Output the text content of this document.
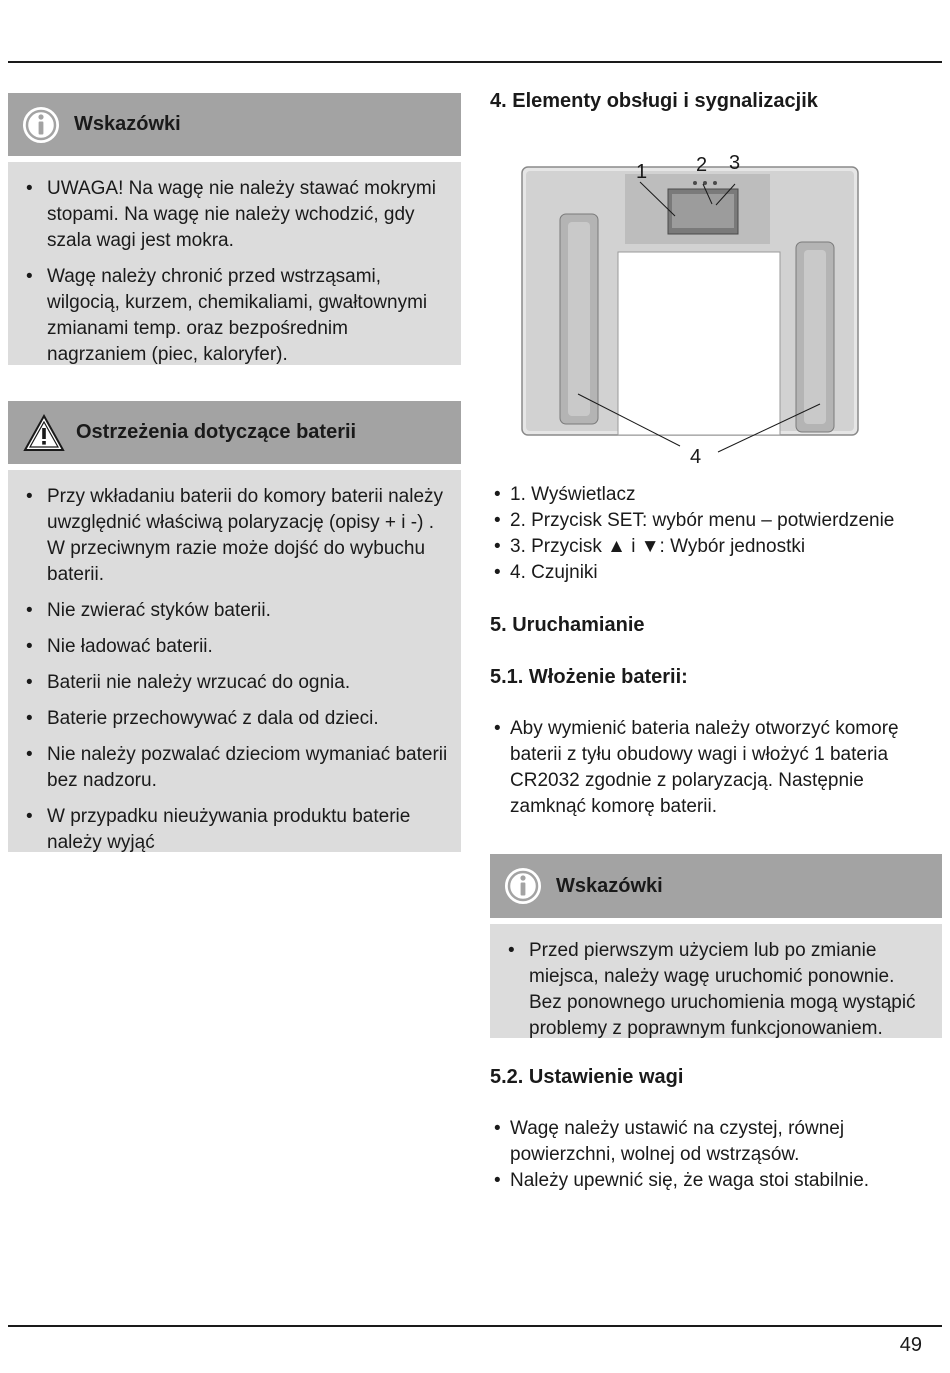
Wskazówki
• UWAGA! Na wagę nie należy stawać mokrymi stopami. Na wagę nie należy wchodzić, gdy szala wagi jest mokra.
• Wagę należy chronić przed wstrząsami, wilgocią, kurzem, chemikaliami, gwałtownymi zmianami temp. oraz bezpośrednim nagrzaniem (piec, kaloryfer).
Ostrzeżenia dotyczące baterii
• Przy wkładaniu baterii do komory baterii należy uwzględnić właściwą polaryzację (opisy + i -) . W przeciwnym razie może dojść do wybuchu baterii.
• Nie zwierać styków baterii.
• Nie ładować baterii.
• Baterii nie należy wrzucać do ognia.
• Baterie przechowywać z dala od dzieci.
• Nie należy pozwalać dzieciom wymaniać baterii bez nadzoru.
• W przypadku nieużywania produktu baterie należy wyjąć
4. Elementy obsługi i sygnalizacjik
1 2 3
4
• 1. Wyświetlacz
• 2. Przycisk SET: wybór menu – potwierdzenie
• 3. Przycisk ▲ i ▼: Wybór jednostki
• 4. Czujniki
5. Uruchamianie
5.1. Włożenie baterii:
• Aby wymienić bateria należy otworzyć komorę baterii z tyłu obudowy wagi i włożyć 1 bateria CR2032 zgodnie z polaryzacją. Następnie zamknąć komorę baterii.
Wskazówki
• Przed pierwszym użyciem lub po zmianie miejsca, należy wagę uruchomić ponownie. Bez ponownego uruchomienia mogą wystąpić problemy z poprawnym funkcjonowaniem.
5.2. Ustawienie wagi
• Wagę należy ustawić na czystej, równej powierzchni, wolnej od wstrząsów.
• Należy upewnić się, że waga stoi stabilnie.
49
